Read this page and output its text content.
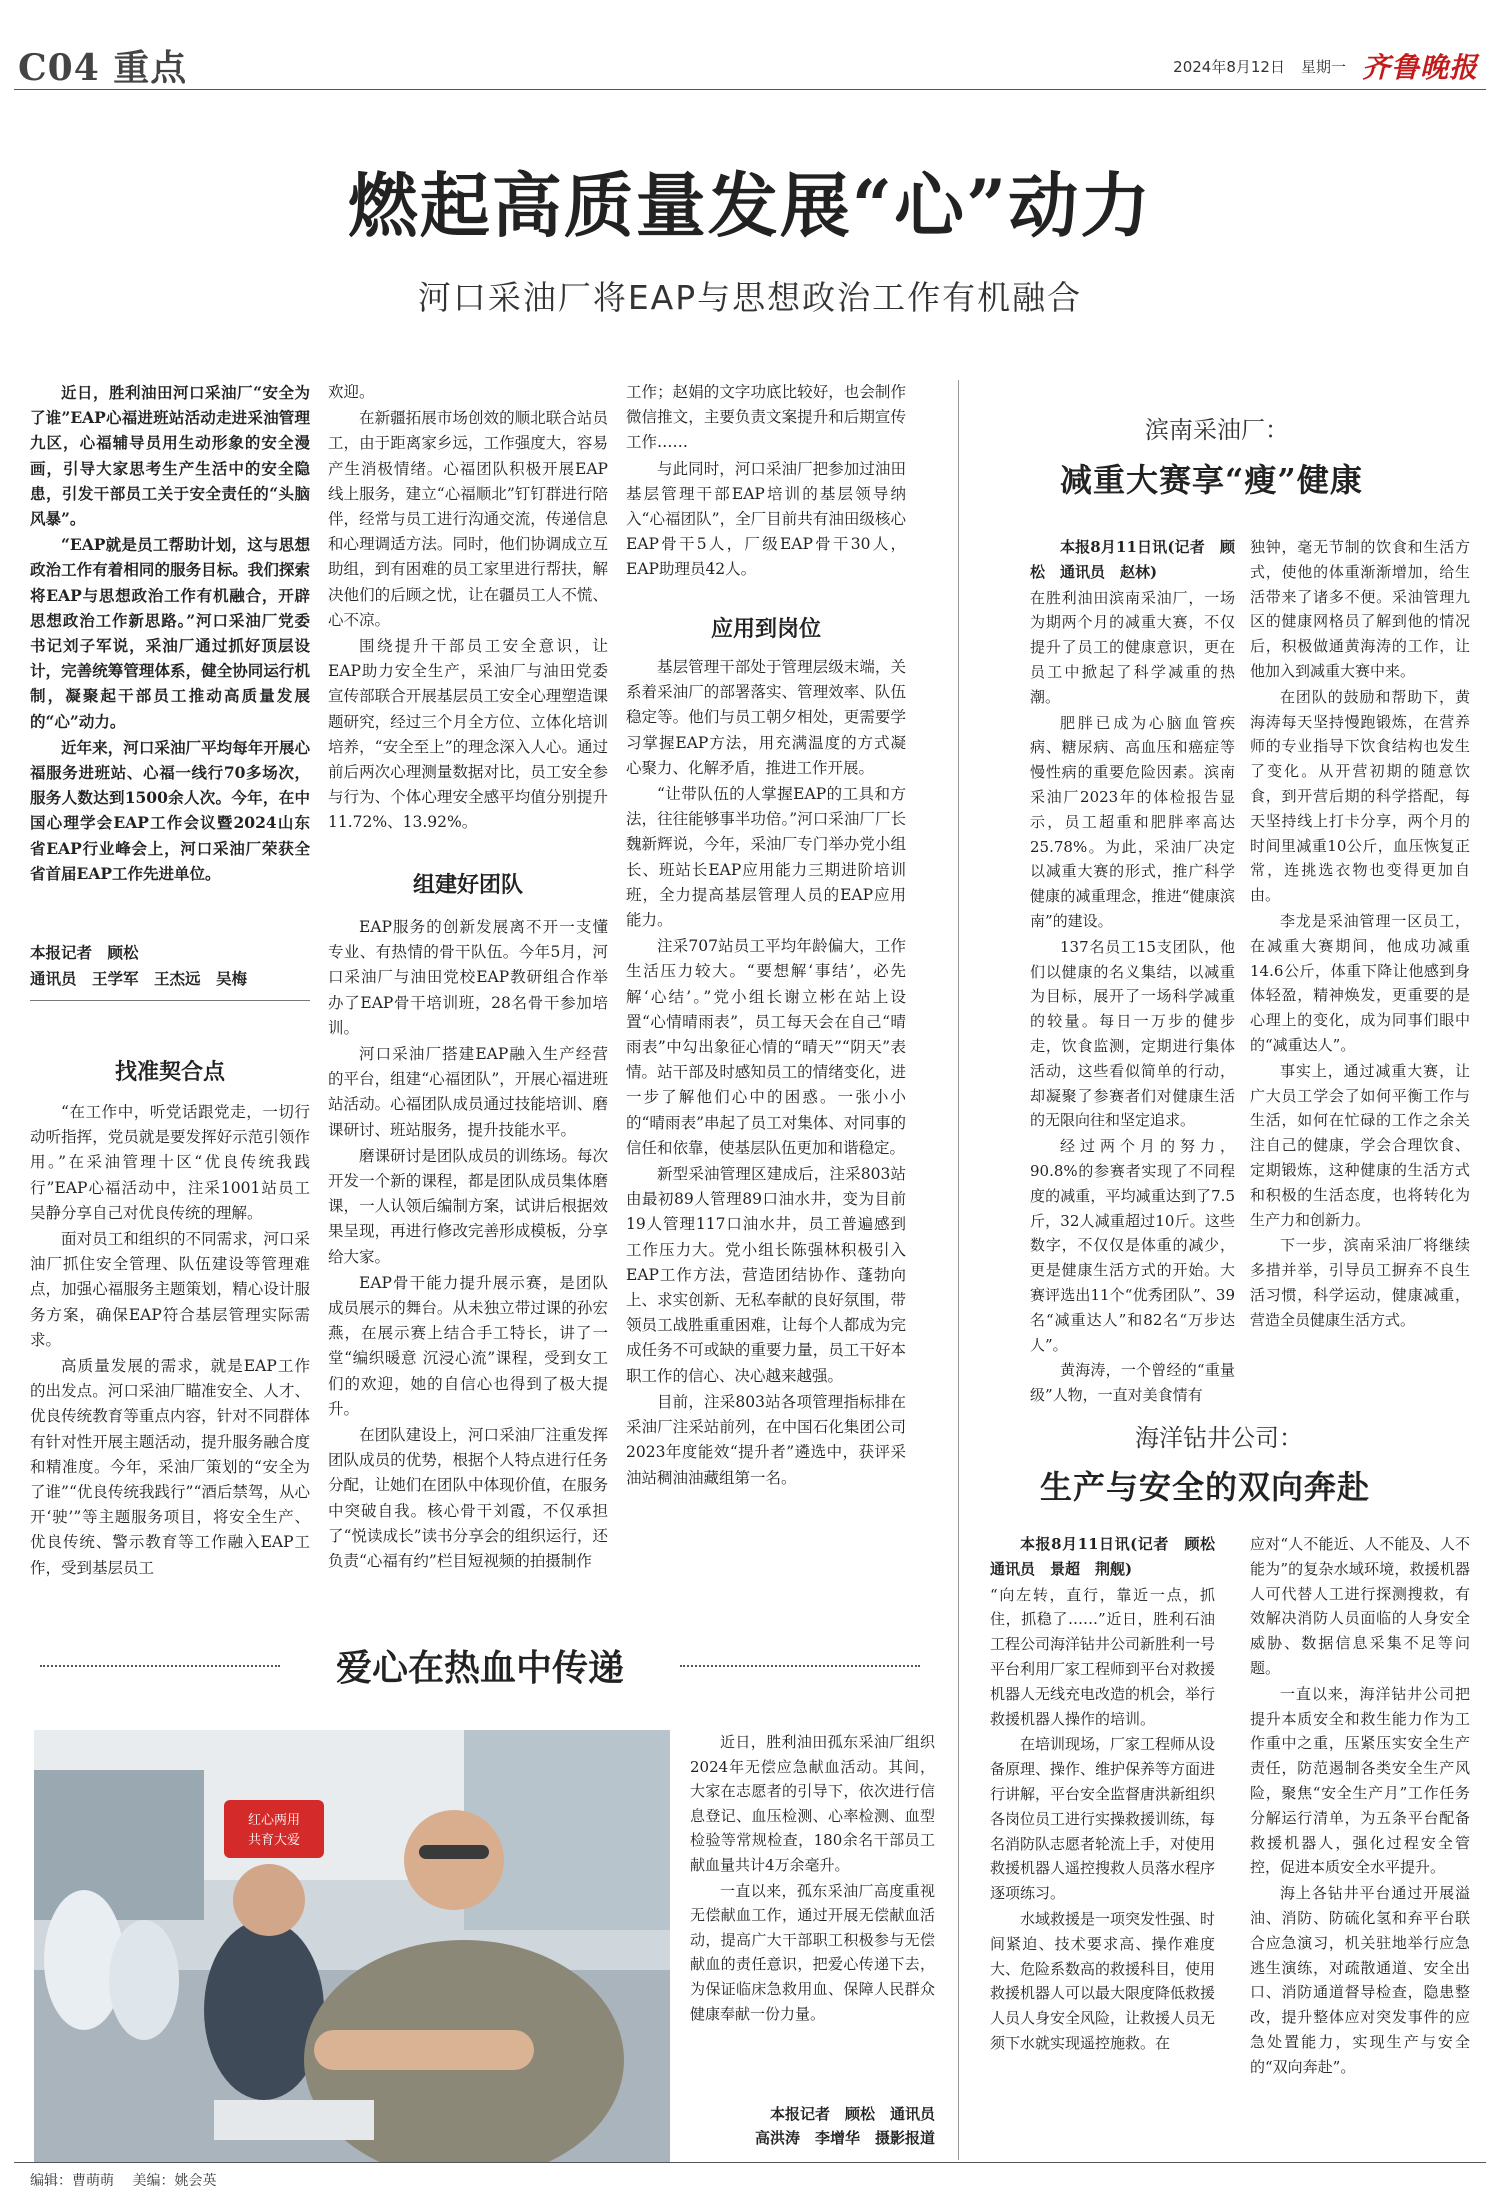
C04 重点	2024年8月12日 星期一 齐鲁晚报
燃起高质量发展“心”动力
河口采油厂将EAP与思想政治工作有机融合

近日，胜利油田河口采油厂“安全为了谁”EAP心福进班站活动走进采油管理九区，心福辅导员用生动形象的安全漫画，引导大家思考生产生活中的安全隐患，引发干部员工关于安全责任的“头脑风暴”。

“EAP就是员工帮助计划，这与思想政治工作有着相同的服务目标。我们探索将EAP与思想政治工作有机融合，开辟思想政治工作新思路。”河口采油厂党委书记刘子军说，采油厂通过抓好顶层设计，完善统筹管理体系，健全协同运行机制，凝聚起干部员工推动高质量发展的“心”动力。

近年来，河口采油厂平均每年开展心福服务进班站、心福一线行70多场次，服务人数达到1500余人次。今年，在中国心理学会EAP工作会议暨2024山东省EAP行业峰会上，河口采油厂荣获全省首届EAP工作先进单位。

本报记者　顾松
通讯员　王学军　王杰远　吴梅
找准契合点

“在工作中，听党话跟党走，一切行动听指挥，党员就是要发挥好示范引领作用。”在采油管理十区“优良传统我践行”EAP心福活动中，注采1001站员工吴静分享自己对优良传统的理解。

面对员工和组织的不同需求，河口采油厂抓住安全管理、队伍建设等管理难点，加强心福服务主题策划，精心设计服务方案，确保EAP符合基层管理实际需求。

高质量发展的需求，就是EAP工作的出发点。河口采油厂瞄准安全、人才、优良传统教育等重点内容，针对不同群体有针对性开展主题活动，提升服务融合度和精准度。今年，采油厂策划的“安全为了谁”“优良传统我践行”“酒后禁驾，从心开‘驶’”等主题服务项目，将安全生产、优良传统、警示教育等工作融入EAP工作，受到基层员工

欢迎。

在新疆拓展市场创效的顺北联合站员工，由于距离家乡远，工作强度大，容易产生消极情绪。心福团队积极开展EAP线上服务，建立“心福顺北”钉钉群进行陪伴，经常与员工进行沟通交流，传递信息和心理调适方法。同时，他们协调成立互助组，到有困难的员工家里进行帮扶，解决他们的后顾之忧，让在疆员工人不慌、心不凉。

围绕提升干部员工安全意识，让EAP助力安全生产，采油厂与油田党委宣传部联合开展基层员工安全心理塑造课题研究，经过三个月全方位、立体化培训培养，“安全至上”的理念深入人心。通过前后两次心理测量数据对比，员工安全参与行为、个体心理安全感平均值分别提升11.72%、13.92%。

组建好团队

EAP服务的创新发展离不开一支懂专业、有热情的骨干队伍。今年5月，河口采油厂与油田党校EAP教研组合作举办了EAP骨干培训班，28名骨干参加培训。

河口采油厂搭建EAP融入生产经营的平台，组建“心福团队”，开展心福进班站活动。心福团队成员通过技能培训、磨课研讨、班站服务，提升技能水平。

磨课研讨是团队成员的训练场。每次开发一个新的课程，都是团队成员集体磨课，一人认领后编制方案，试讲后根据效果呈现，再进行修改完善形成模板，分享给大家。

EAP骨干能力提升展示赛，是团队成员展示的舞台。从未独立带过课的孙宏燕，在展示赛上结合手工特长，讲了一堂“编织暖意 沉浸心流”课程，受到女工们的欢迎，她的自信心也得到了极大提升。

在团队建设上，河口采油厂注重发挥团队成员的优势，根据个人特点进行任务分配，让她们在团队中体现价值，在服务中突破自我。核心骨干刘霞，不仅承担了“悦读成长”读书分享会的组织运行，还负责“心福有约”栏目短视频的拍摄制作

工作；赵娟的文字功底比较好，也会制作微信推文，主要负责文案提升和后期宣传工作……

与此同时，河口采油厂把参加过油田基层管理干部EAP培训的基层领导纳入“心福团队”，全厂目前共有油田级核心EAP骨干5人，厂级EAP骨干30人，EAP助理员42人。

应用到岗位

基层管理干部处于管理层级末端，关系着采油厂的部署落实、管理效率、队伍稳定等。他们与员工朝夕相处，更需要学习掌握EAP方法，用充满温度的方式凝心聚力、化解矛盾，推进工作开展。

“让带队伍的人掌握EAP的工具和方法，往往能够事半功倍。”河口采油厂厂长魏新辉说，今年，采油厂专门举办党小组长、班站长EAP应用能力三期进阶培训班，全力提高基层管理人员的EAP应用能力。

注采707站员工平均年龄偏大，工作生活压力较大。“要想解‘事结’，必先解‘心结’。”党小组长谢立彬在站上设置“心情晴雨表”，员工每天会在自己“晴雨表”中勾出象征心情的“晴天”“阴天”表情。站干部及时感知员工的情绪变化，进一步了解他们心中的困惑。一张小小的“晴雨表”串起了员工对集体、对同事的信任和依靠，使基层队伍更加和谐稳定。

新型采油管理区建成后，注采803站由最初89人管理89口油水井，变为目前19人管理117口油水井，员工普遍感到工作压力大。党小组长陈强林积极引入EAP工作方法，营造团结协作、蓬勃向上、求实创新、无私奉献的良好氛围，带领员工战胜重重困难，让每个人都成为完成任务不可或缺的重要力量，员工干好本职工作的信心、决心越来越强。

目前，注采803站各项管理指标排在采油厂注采站前列，在中国石化集团公司2023年度能效“提升者”遴选中，获评采油站稠油油藏组第一名。

滨南采油厂：
减重大赛享“瘦”健康

本报8月11日讯(记者　顾松　通讯员　赵林)

在胜利油田滨南采油厂，一场为期两个月的减重大赛，不仅提升了员工的健康意识，更在员工中掀起了科学减重的热潮。

肥胖已成为心脑血管疾病、糖尿病、高血压和癌症等慢性病的重要危险因素。滨南采油厂2023年的体检报告显示，员工超重和肥胖率高达25.78%。为此，采油厂决定以减重大赛的形式，推广科学健康的减重理念，推进“健康滨南”的建设。

137名员工15支团队，他们以健康的名义集结，以减重为目标，展开了一场科学减重的较量。每日一万步的健步走，饮食监测，定期进行集体活动，这些看似简单的行动，却凝聚了参赛者们对健康生活的无限向往和坚定追求。

经过两个月的努力，90.8%的参赛者实现了不同程度的减重，平均减重达到了7.5斤，32人减重超过10斤。这些数字，不仅仅是体重的减少，更是健康生活方式的开始。大赛评选出11个“优秀团队”、39名“减重达人”和82名“万步达人”。

黄海涛，一个曾经的“重量级”人物，一直对美食情有

独钟，毫无节制的饮食和生活方式，使他的体重渐渐增加，给生活带来了诸多不便。采油管理九区的健康网格员了解到他的情况后，积极做通黄海涛的工作，让他加入到减重大赛中来。

在团队的鼓励和帮助下，黄海涛每天坚持慢跑锻炼，在营养师的专业指导下饮食结构也发生了变化。从开营初期的随意饮食，到开营后期的科学搭配，每天坚持线上打卡分享，两个月的时间里减重10公斤，血压恢复正常，连挑选衣物也变得更加自由。

李龙是采油管理一区员工，在减重大赛期间，他成功减重14.6公斤，体重下降让他感到身体轻盈，精神焕发，更重要的是心理上的变化，成为同事们眼中的“减重达人”。

事实上，通过减重大赛，让广大员工学会了如何平衡工作与生活，如何在忙碌的工作之余关注自己的健康，学会合理饮食、定期锻炼，这种健康的生活方式和积极的生活态度，也将转化为生产力和创新力。

下一步，滨南采油厂将继续多措并举，引导员工摒弃不良生活习惯，科学运动，健康减重，营造全员健康生活方式。

海洋钻井公司：
生产与安全的双向奔赴

本报8月11日讯(记者　顾松　通讯员　景超　荆舰)

“向左转，直行，靠近一点，抓住，抓稳了……”近日，胜利石油工程公司海洋钻井公司新胜利一号平台利用厂家工程师到平台对救援机器人无线充电改造的机会，举行救援机器人操作的培训。

在培训现场，厂家工程师从设备原理、操作、维护保养等方面进行讲解，平台安全监督唐洪新组织各岗位员工进行实操救援训练，每名消防队志愿者轮流上手，对使用救援机器人遥控搜救人员落水程序逐项练习。

水域救援是一项突发性强、时间紧迫、技术要求高、操作难度大、危险系数高的救援科目，使用救援机器人可以最大限度降低救援人员人身安全风险，让救援人员无须下水就实现遥控施救。在

应对“人不能近、人不能及、人不能为”的复杂水域环境，救援机器人可代替人工进行探测搜救，有效解决消防人员面临的人身安全威胁、数据信息采集不足等问题。

一直以来，海洋钻井公司把提升本质安全和救生能力作为工作重中之重，压紧压实安全生产责任，防范遏制各类安全生产风险，聚焦“安全生产月”工作任务分解运行清单，为五条平台配备救援机器人，强化过程安全管控，促进本质安全水平提升。

海上各钻井平台通过开展溢油、消防、防硫化氢和弃平台联合应急演习，机关驻地举行应急逃生演练，对疏散通道、安全出口、消防通道督导检查，隐患整改，提升整体应对突发事件的应急处置能力，实现生产与安全的“双向奔赴”。

爱心在热血中传递
红心两用
共育大爱

近日，胜利油田孤东采油厂组织2024年无偿应急献血活动。其间，大家在志愿者的引导下，依次进行信息登记、血压检测、心率检测、血型检验等常规检查，180余名干部员工献血量共计4万余毫升。

一直以来，孤东采油厂高度重视无偿献血工作，通过开展无偿献血活动，提高广大干部职工积极参与无偿献血的责任意识，把爱心传递下去，为保证临床急救用血、保障人民群众健康奉献一份力量。

本报记者　顾松　通讯员
高洪涛　李增华　摄影报道
编辑：曹萌萌 美编：姚会英
